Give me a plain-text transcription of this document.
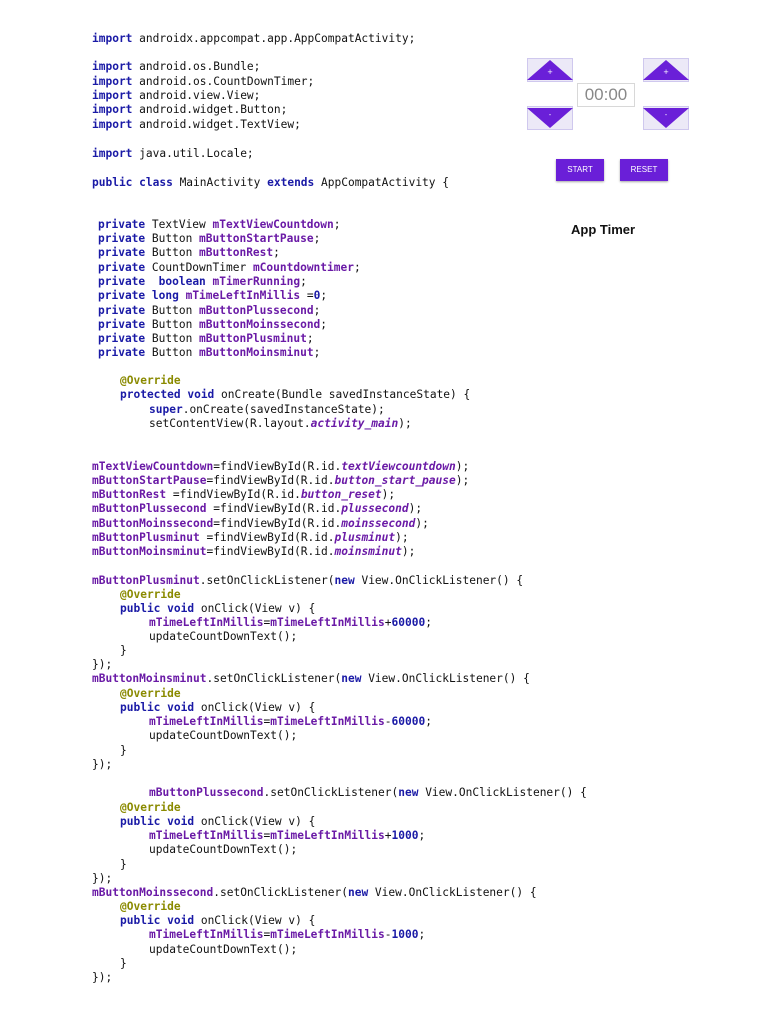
import androidx.appcompat.app.AppCompatActivity;
import android.os.Bundle;
import android.os.CountDownTimer;
import android.view.View;
import android.widget.Button;
import android.widget.TextView;
import java.util.Locale;
public class MainActivity extends AppCompatActivity {
private TextView mTextViewCountdown;
private Button mButtonStartPause;
private Button mButtonRest;
private CountDownTimer mCountdowntimer;
private boolean mTimerRunning;
private long mTimeLeftInMillis =0;
private Button mButtonPlussecond;
private Button mButtonMoinssecond;
private Button mButtonPlusminut;
private Button mButtonMoinsminut;
@Override
protected void onCreate(Bundle savedInstanceState) {
super.onCreate(savedInstanceState);
setContentView(R.layout.activity_main);
mTextViewCountdown=findViewById(R.id.textViewcountdown);
mButtonStartPause=findViewById(R.id.button_start_pause);
mButtonRest =findViewById(R.id.button_reset);
mButtonPlussecond =findViewById(R.id.plussecond);
mButtonMoinssecond=findViewById(R.id.moinssecond);
mButtonPlusminut =findViewById(R.id.plusminut);
mButtonMoinsminut=findViewById(R.id.moinsminut);
mButtonPlusminut.setOnClickListener(new View.OnClickListener() {
@Override
public void onClick(View v) {
mTimeLeftInMillis=mTimeLeftInMillis+60000;
updateCountDownText();
}
});
mButtonMoinsminut.setOnClickListener(new View.OnClickListener() {
@Override
public void onClick(View v) {
mTimeLeftInMillis=mTimeLeftInMillis-60000;
updateCountDownText();
}
});
mButtonPlussecond.setOnClickListener(new View.OnClickListener() {
@Override
public void onClick(View v) {
mTimeLeftInMillis=mTimeLeftInMillis+1000;
updateCountDownText();
}
});
mButtonMoinssecond.setOnClickListener(new View.OnClickListener() {
@Override
public void onClick(View v) {
mTimeLeftInMillis=mTimeLeftInMillis-1000;
updateCountDownText();
}
});
+	+
00:00
-	-
START	RESET
App Timer
